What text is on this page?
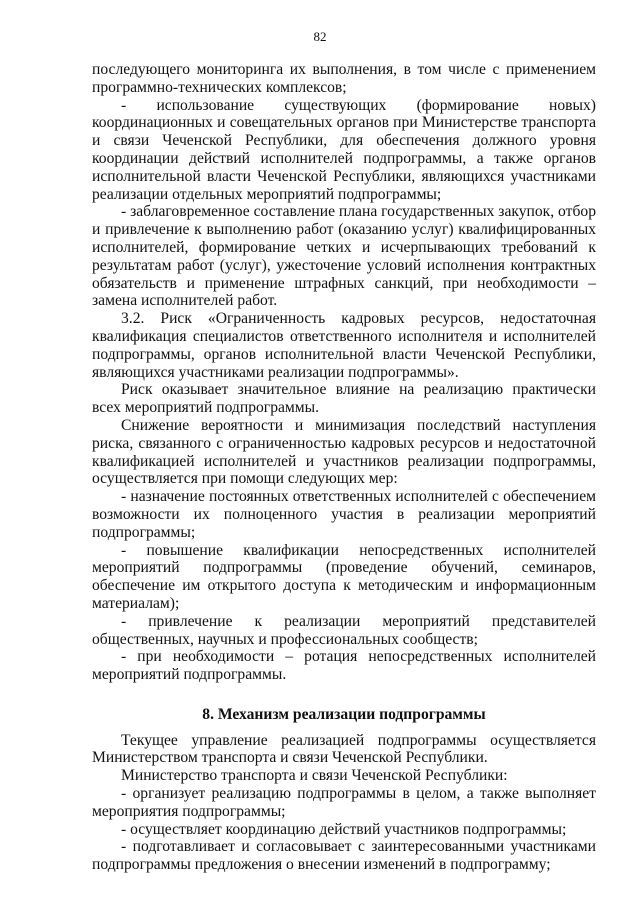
82

последующего мониторинга их выполнения, в том числе с применением программно-технических комплексов;

- использование существующих (формирование новых) координационных и совещательных органов при Министерстве транспорта и связи Чеченской Республики, для обеспечения должного уровня координации действий исполнителей подпрограммы, а также органов исполнительной власти Чеченской Республики, являющихся участниками реализации отдельных мероприятий подпрограммы;

- заблаговременное составление плана государственных закупок, отбор и привлечение к выполнению работ (оказанию услуг) квалифицированных исполнителей, формирование четких и исчерпывающих требований к результатам работ (услуг), ужесточение условий исполнения контрактных обязательств и применение штрафных санкций, при необходимости – замена исполнителей работ.

3.2. Риск «Ограниченность кадровых ресурсов, недостаточная квалификация специалистов ответственного исполнителя и исполнителей подпрограммы, органов исполнительной власти Чеченской Республики, являющихся участниками реализации подпрограммы».

Риск оказывает значительное влияние на реализацию практически всех мероприятий подпрограммы.

Снижение вероятности и минимизация последствий наступления риска, связанного с ограниченностью кадровых ресурсов и недостаточной квалификацией исполнителей и участников реализации подпрограммы, осуществляется при помощи следующих мер:

- назначение постоянных ответственных исполнителей с обеспечением возможности их полноценного участия в реализации мероприятий подпрограммы;

- повышение квалификации непосредственных исполнителей мероприятий подпрограммы (проведение обучений, семинаров, обеспечение им открытого доступа к методическим и информационным материалам);

- привлечение к реализации мероприятий представителей общественных, научных и профессиональных сообществ;

- при необходимости – ротация непосредственных исполнителей мероприятий подпрограммы.

8. Механизм реализации подпрограммы

Текущее управление реализацией подпрограммы осуществляется Министерством транспорта и связи Чеченской Республики.

Министерство транспорта и связи Чеченской Республики:

- организует реализацию подпрограммы в целом, а также выполняет мероприятия подпрограммы;

- осуществляет координацию действий участников подпрограммы;

- подготавливает и согласовывает с заинтересованными участниками подпрограммы предложения о внесении изменений в подпрограмму;
